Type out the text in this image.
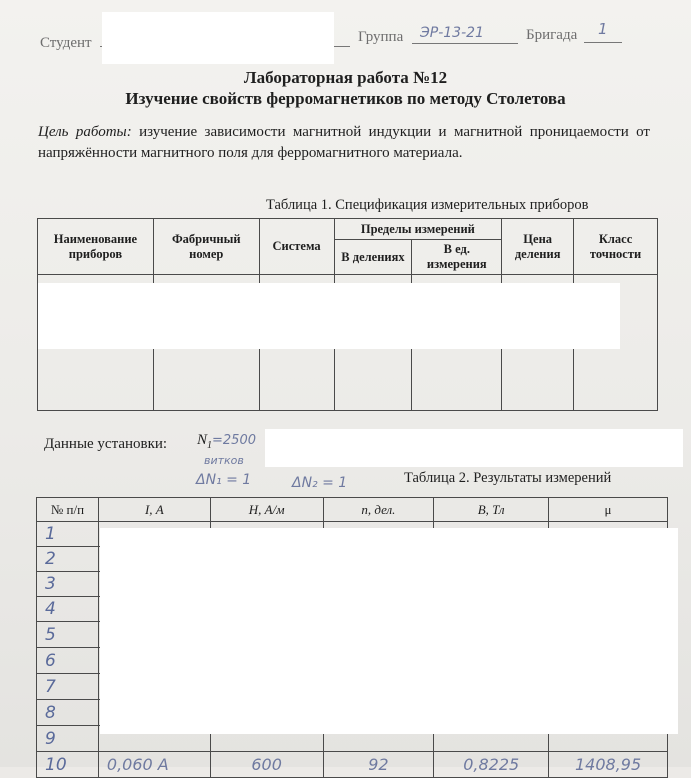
Студент	Группа ЭР-13-21	Бригада 1
Лабораторная работа №12
Изучение свойств ферромагнетиков по методу Столетова
Цель работы: изучение зависимости магнитной индукции и магнитной проницаемости от напряжённости магнитного поля для ферромагнитного материала.
Таблица 1. Спецификация измерительных приборов
Наименование приборов	Фабричный номер	Система	Пределы измерений		Цена деления	Класс точности
			В делениях	В ед. измерения		

Данные установки: $N_1=2500$
витков
ΔN₁ = 1	ΔN₂ = 1	Таблица 2. Результаты измерений
№ п/п	I, А	H, А/м	n, дел.	B, Тл	μ
1					
2					
3					
4					
5					
6					
7					
8					
9					
10	0,060 А	600	92	0,8225	1408,95
